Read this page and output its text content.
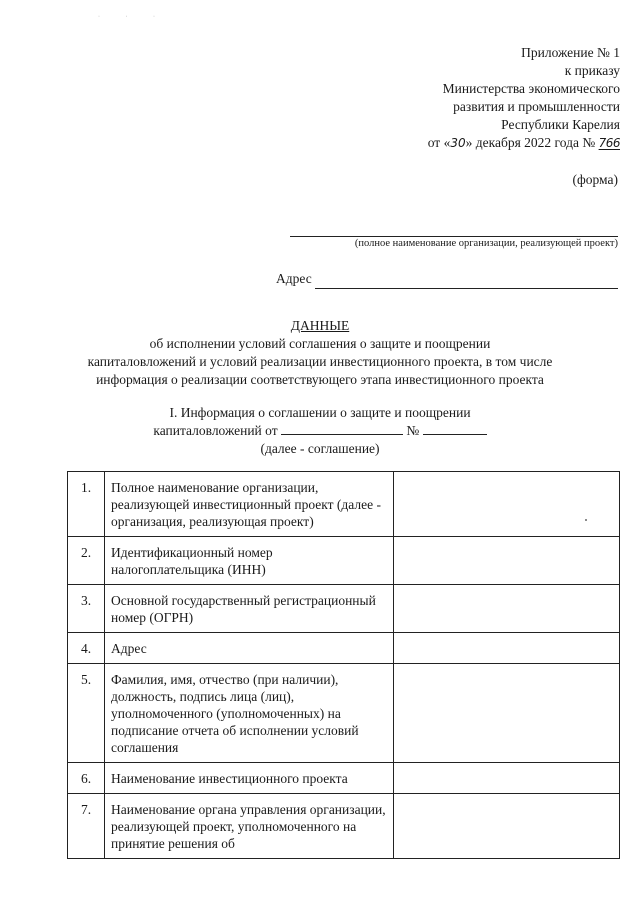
· · ·
Приложение № 1
к приказу
Министерства экономического
развития и промышленности
Республики Карелия
от «30» декабря 2022 года № 766
(форма)
(полное наименование организации, реализующей проект)
Адрес
ДАННЫЕ
об исполнении условий соглашения о защите и поощрении
капиталовложений и условий реализации инвестиционного проекта, в том числе
информация о реализации соответствующего этапа инвестиционного проекта
I. Информация о соглашении о защите и поощрении
капиталовложений от	№
(далее - соглашение)
1.	Полное наименование организации, реализующей инвестиционный проект (далее - организация, реализующая проект)	
2.	Идентификационный номер налогоплательщика (ИНН)	
3.	Основной государственный регистрационный номер (ОГРН)	
4.	Адрес	
5.	Фамилия, имя, отчество (при наличии), должность, подпись лица (лиц), уполномоченного (уполномоченных) на подписание отчета об исполнении условий соглашения	
6.	Наименование инвестиционного проекта	
7.	Наименование органа управления организации, реализующей проект, уполномоченного на принятие решения об	
